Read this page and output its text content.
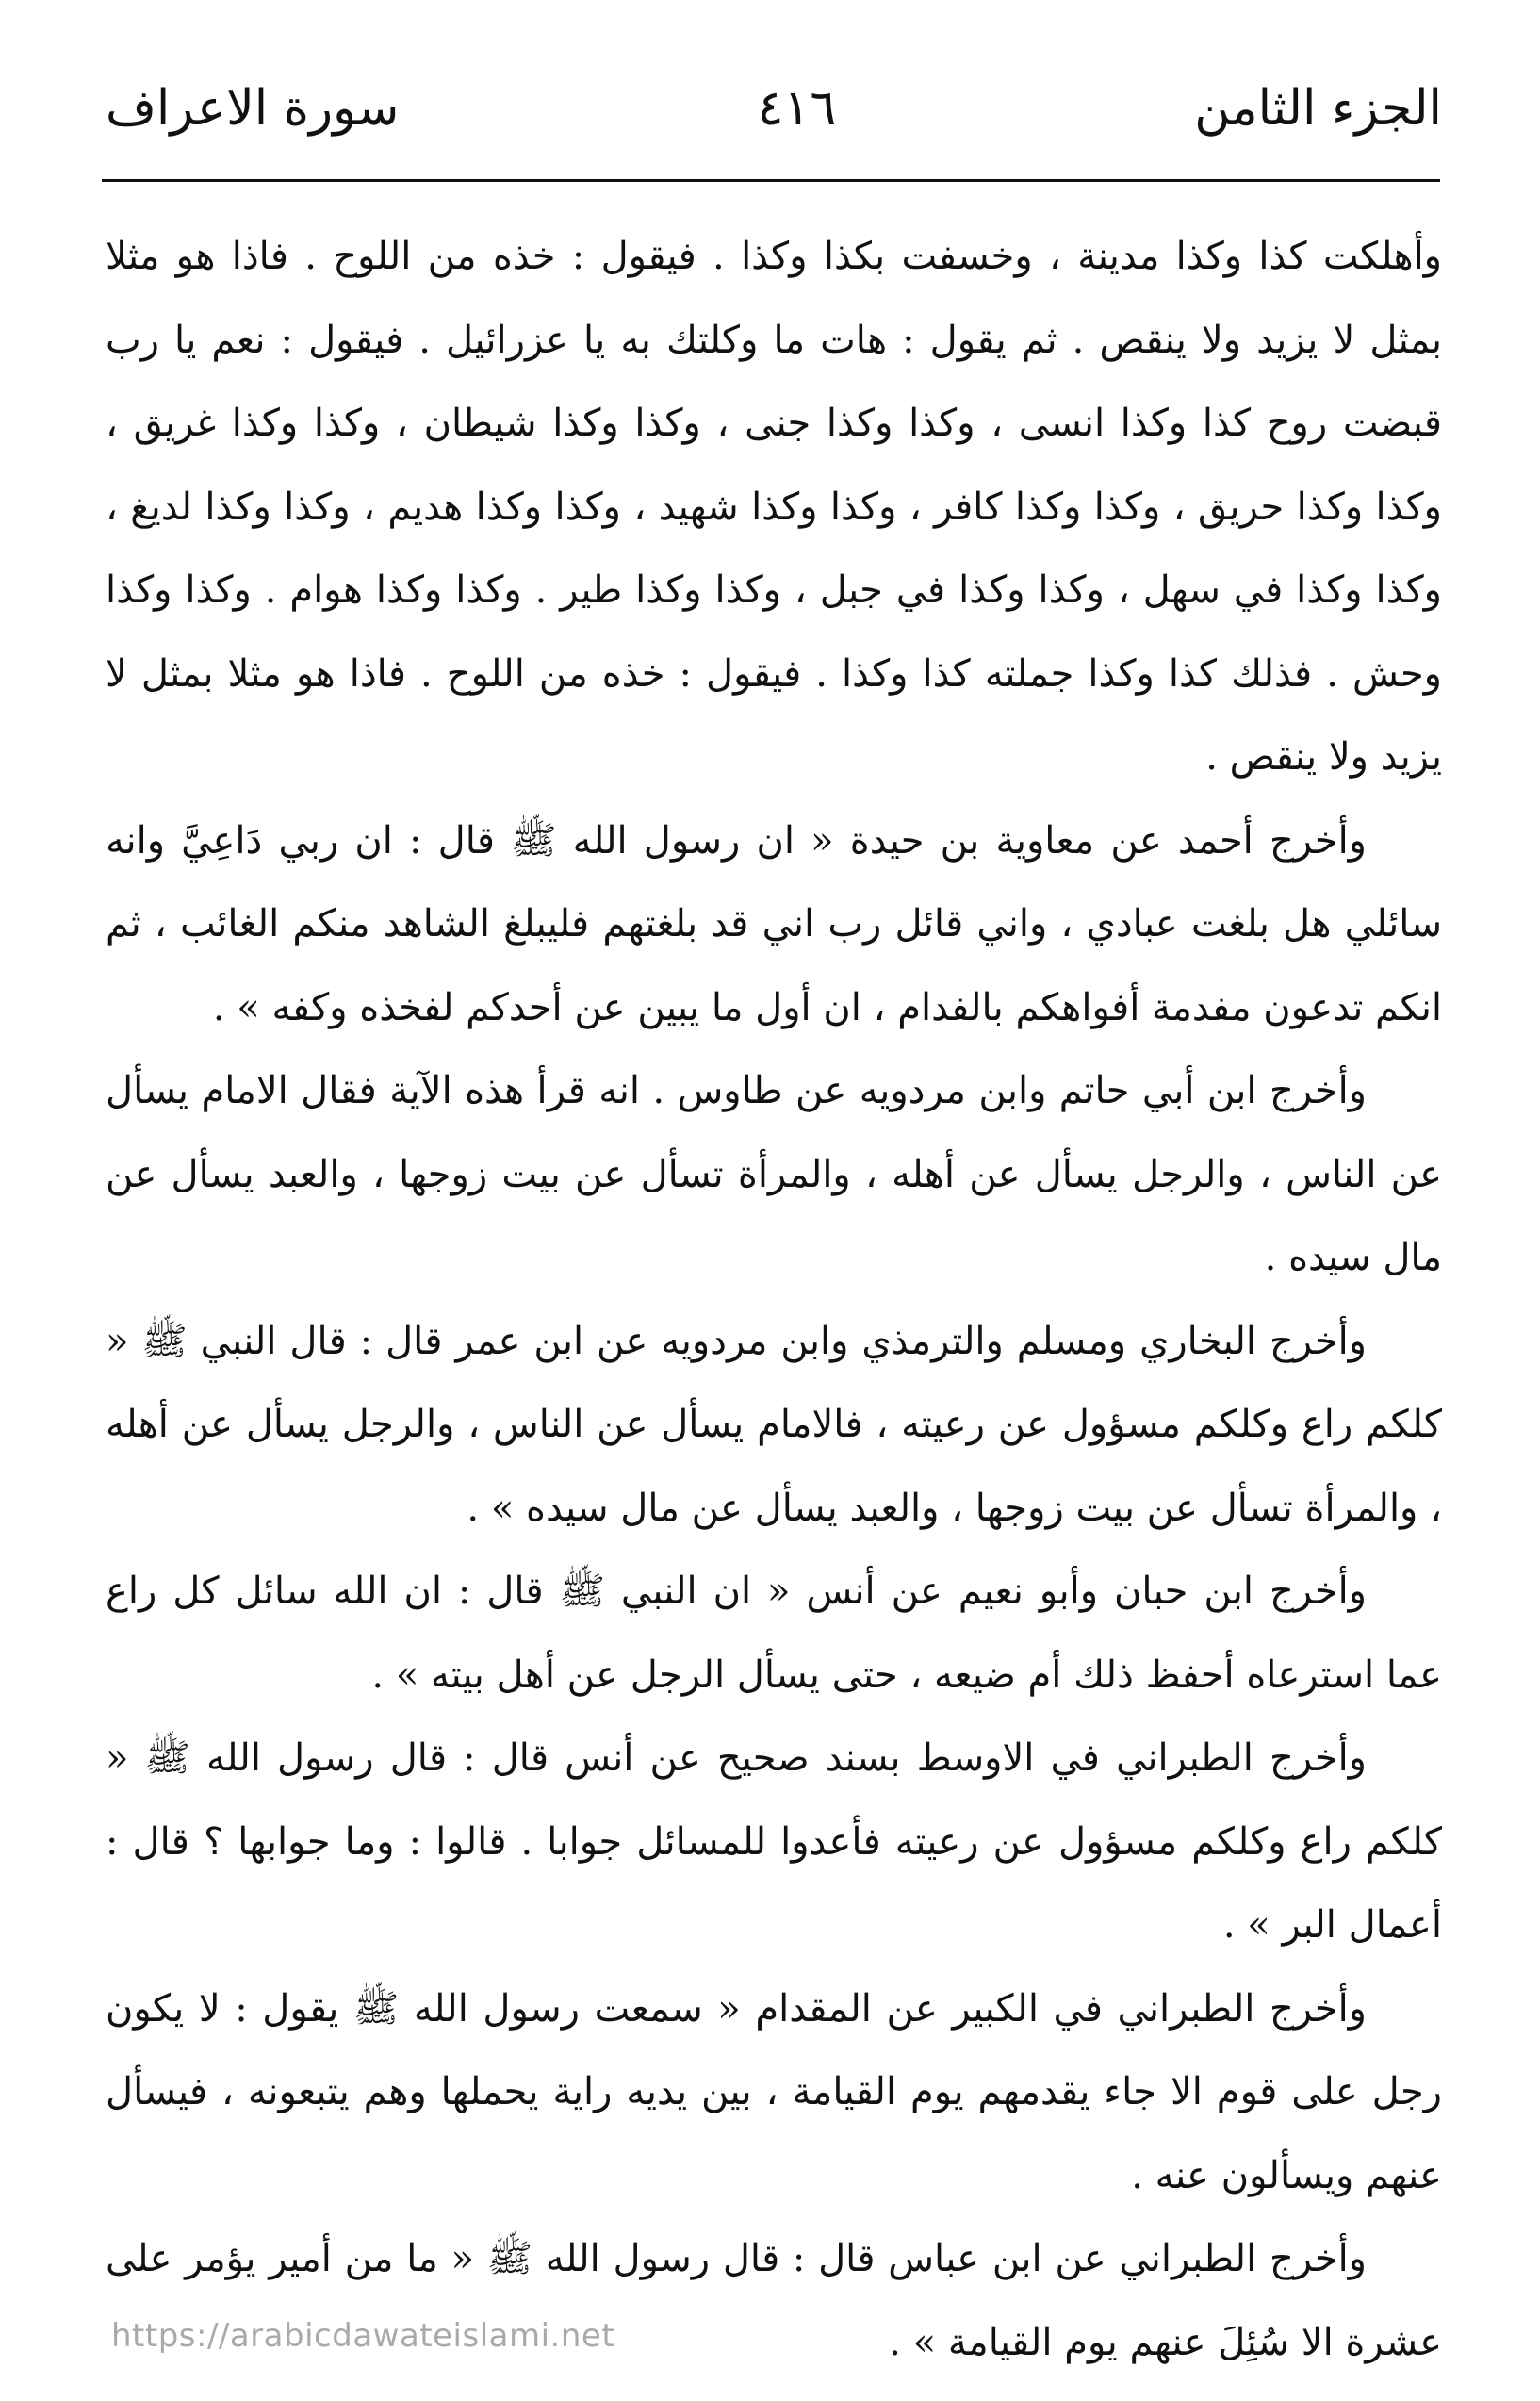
الجزء الثامن
٤١٦
سورة الاعراف

وأهلكت كذا وكذا مدينة ، وخسفت بكذا وكذا . فيقول : خذه من اللوح . فاذا هو مثلا بمثل لا يزيد ولا ينقص . ثم يقول : هات ما وكلتك به يا عزرائيل . فيقول : نعم يا رب قبضت روح كذا وكذا انسى ، وكذا وكذا جنى ، وكذا وكذا شيطان ، وكذا وكذا غريق ، وكذا وكذا حريق ، وكذا وكذا كافر ، وكذا وكذا شهيد ، وكذا وكذا هديم ، وكذا وكذا لديغ ، وكذا وكذا في سهل ، وكذا وكذا في جبل ، وكذا وكذا طير . وكذا وكذا هوام . وكذا وكذا وحش . فذلك كذا وكذا جملته كذا وكذا . فيقول : خذه من اللوح . فاذا هو مثلا بمثل لا يزيد ولا ينقص .

وأخرج أحمد عن معاوية بن حيدة « ان رسول الله ﷺ قال : ان ربي دَاعِيَّ وانه سائلي هل بلغت عبادي ، واني قائل رب اني قد بلغتهم فليبلغ الشاهد منكم الغائب ، ثم انكم تدعون مفدمة أفواهكم بالفدام ، ان أول ما يبين عن أحدكم لفخذه وكفه » .

وأخرج ابن أبي حاتم وابن مردويه عن طاوس . انه قرأ هذه الآية فقال الامام يسأل عن الناس ، والرجل يسأل عن أهله ، والمرأة تسأل عن بيت زوجها ، والعبد يسأل عن مال سيده .

وأخرج البخاري ومسلم والترمذي وابن مردويه عن ابن عمر قال : قال النبي ﷺ « كلكم راع وكلكم مسؤول عن رعيته ، فالامام يسأل عن الناس ، والرجل يسأل عن أهله ، والمرأة تسأل عن بيت زوجها ، والعبد يسأل عن مال سيده » .

وأخرج ابن حبان وأبو نعيم عن أنس « ان النبي ﷺ قال : ان الله سائل كل راع عما استرعاه أحفظ ذلك أم ضيعه ، حتى يسأل الرجل عن أهل بيته » .

وأخرج الطبراني في الاوسط بسند صحيح عن أنس قال : قال رسول الله ﷺ « كلكم راع وكلكم مسؤول عن رعيته فأعدوا للمسائل جوابا . قالوا : وما جوابها ؟ قال : أعمال البر » .

وأخرج الطبراني في الكبير عن المقدام « سمعت رسول الله ﷺ يقول : لا يكون رجل على قوم الا جاء يقدمهم يوم القيامة ، بين يديه راية يحملها وهم يتبعونه ، فيسأل عنهم ويسألون عنه .

وأخرج الطبراني عن ابن عباس قال : قال رسول الله ﷺ « ما من أمير يؤمر على عشرة الا سُئِلَ عنهم يوم القيامة » .

https://arabicdawateislami.net
